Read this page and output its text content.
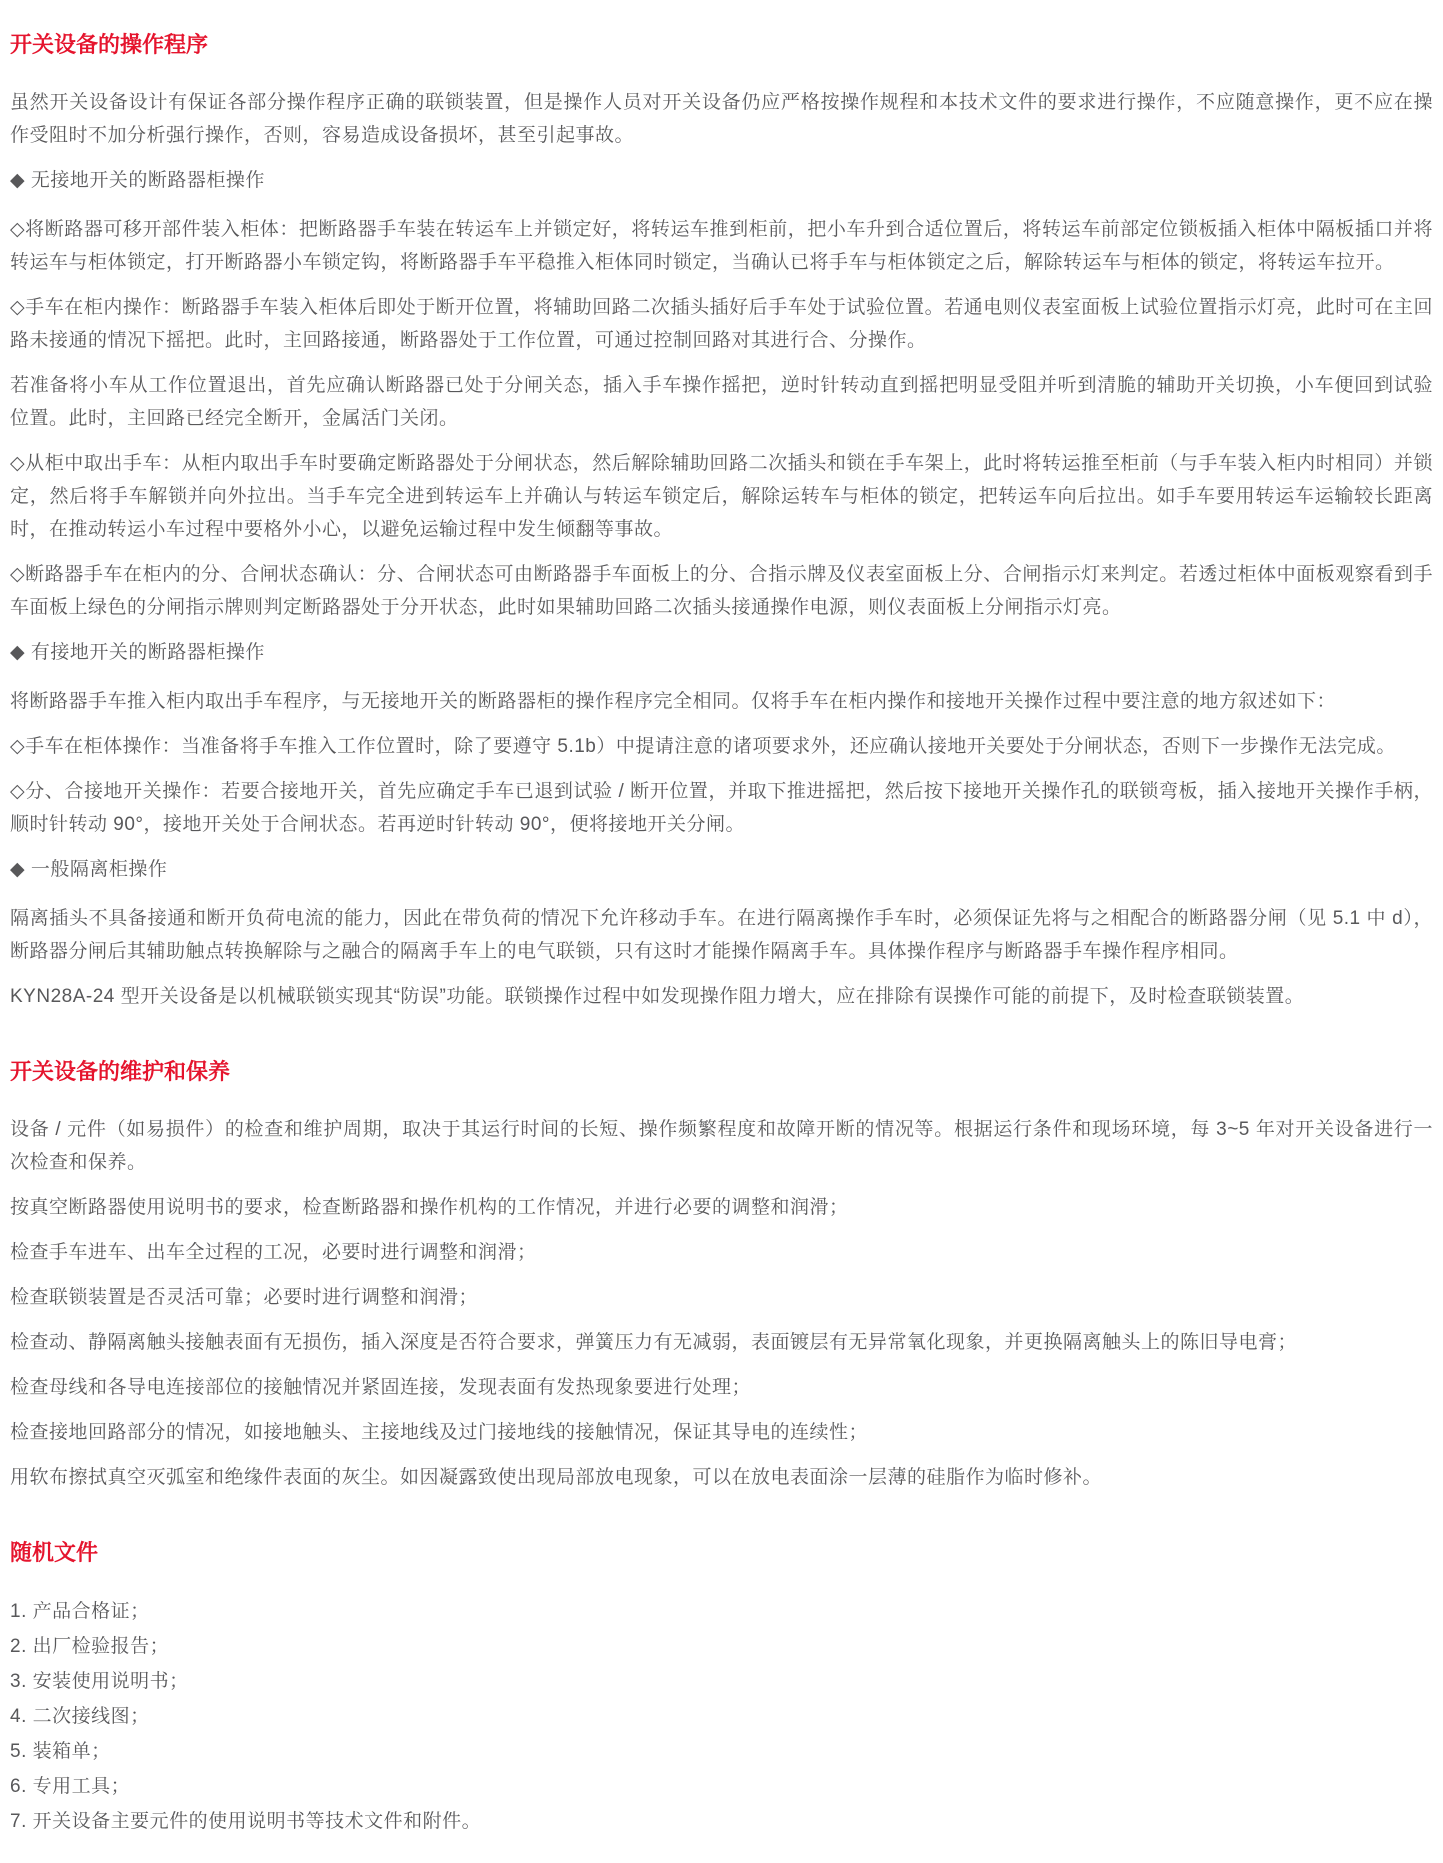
开关设备的操作程序

虽然开关设备设计有保证各部分操作程序正确的联锁装置，但是操作人员对开关设备仍应严格按操作规程和本技术文件的要求进行操作，不应随意操作，更不应在操作受阻时不加分析强行操作，否则，容易造成设备损坏，甚至引起事故。

◆ 无接地开关的断路器柜操作

◇将断路器可移开部件装入柜体：把断路器手车装在转运车上并锁定好，将转运车推到柜前，把小车升到合适位置后，将转运车前部定位锁板插入柜体中隔板插口并将转运车与柜体锁定，打开断路器小车锁定钩，将断路器手车平稳推入柜体同时锁定，当确认已将手车与柜体锁定之后，解除转运车与柜体的锁定，将转运车拉开。

◇手车在柜内操作：断路器手车装入柜体后即处于断开位置，将辅助回路二次插头插好后手车处于试验位置。若通电则仪表室面板上试验位置指示灯亮，此时可在主回路未接通的情况下摇把。此时，主回路接通，断路器处于工作位置，可通过控制回路对其进行合、分操作。

若准备将小车从工作位置退出，首先应确认断路器已处于分闸关态，插入手车操作摇把，逆时针转动直到摇把明显受阻并听到清脆的辅助开关切换，小车便回到试验位置。此时，主回路已经完全断开，金属活门关闭。

◇从柜中取出手车：从柜内取出手车时要确定断路器处于分闸状态，然后解除辅助回路二次插头和锁在手车架上，此时将转运推至柜前（与手车装入柜内时相同）并锁定，然后将手车解锁并向外拉出。当手车完全进到转运车上并确认与转运车锁定后，解除运转车与柜体的锁定，把转运车向后拉出。如手车要用转运车运输较长距离时，在推动转运小车过程中要格外小心，以避免运输过程中发生倾翻等事故。

◇断路器手车在柜内的分、合闸状态确认：分、合闸状态可由断路器手车面板上的分、合指示牌及仪表室面板上分、合闸指示灯来判定。若透过柜体中面板观察看到手车面板上绿色的分闸指示牌则判定断路器处于分开状态，此时如果辅助回路二次插头接通操作电源，则仪表面板上分闸指示灯亮。

◆ 有接地开关的断路器柜操作

将断路器手车推入柜内取出手车程序，与无接地开关的断路器柜的操作程序完全相同。仅将手车在柜内操作和接地开关操作过程中要注意的地方叙述如下：

◇手车在柜体操作：当准备将手车推入工作位置时，除了要遵守 5.1b）中提请注意的诸项要求外，还应确认接地开关要处于分闸状态，否则下一步操作无法完成。

◇分、合接地开关操作：若要合接地开关，首先应确定手车已退到试验 / 断开位置，并取下推进摇把，然后按下接地开关操作孔的联锁弯板，插入接地开关操作手柄，顺时针转动 90°，接地开关处于合闸状态。若再逆时针转动 90°，便将接地开关分闸。

◆ 一般隔离柜操作

隔离插头不具备接通和断开负荷电流的能力，因此在带负荷的情况下允许移动手车。在进行隔离操作手车时，必须保证先将与之相配合的断路器分闸（见 5.1 中 d），断路器分闸后其辅助触点转换解除与之融合的隔离手车上的电气联锁，只有这时才能操作隔离手车。具体操作程序与断路器手车操作程序相同。

KYN28A-24 型开关设备是以机械联锁实现其“防误”功能。联锁操作过程中如发现操作阻力增大，应在排除有误操作可能的前提下，及时检查联锁装置。

开关设备的维护和保养

设备 / 元件（如易损件）的检查和维护周期，取决于其运行时间的长短、操作频繁程度和故障开断的情况等。根据运行条件和现场环境，每 3~5 年对开关设备进行一次检查和保养。

按真空断路器使用说明书的要求，检查断路器和操作机构的工作情况，并进行必要的调整和润滑；

检查手车进车、出车全过程的工况，必要时进行调整和润滑；

检查联锁装置是否灵活可靠；必要时进行调整和润滑；

检查动、静隔离触头接触表面有无损伤，插入深度是否符合要求，弹簧压力有无减弱，表面镀层有无异常氧化现象，并更换隔离触头上的陈旧导电膏；

检查母线和各导电连接部位的接触情况并紧固连接，发现表面有发热现象要进行处理；

检查接地回路部分的情况，如接地触头、主接地线及过门接地线的接触情况，保证其导电的连续性；

用软布擦拭真空灭弧室和绝缘件表面的灰尘。如因凝露致使出现局部放电现象，可以在放电表面涂一层薄的硅脂作为临时修补。

随机文件

1. 产品合格证；

2. 出厂检验报告；

3. 安装使用说明书；

4. 二次接线图；

5. 装箱单；

6. 专用工具；

7. 开关设备主要元件的使用说明书等技术文件和附件。
